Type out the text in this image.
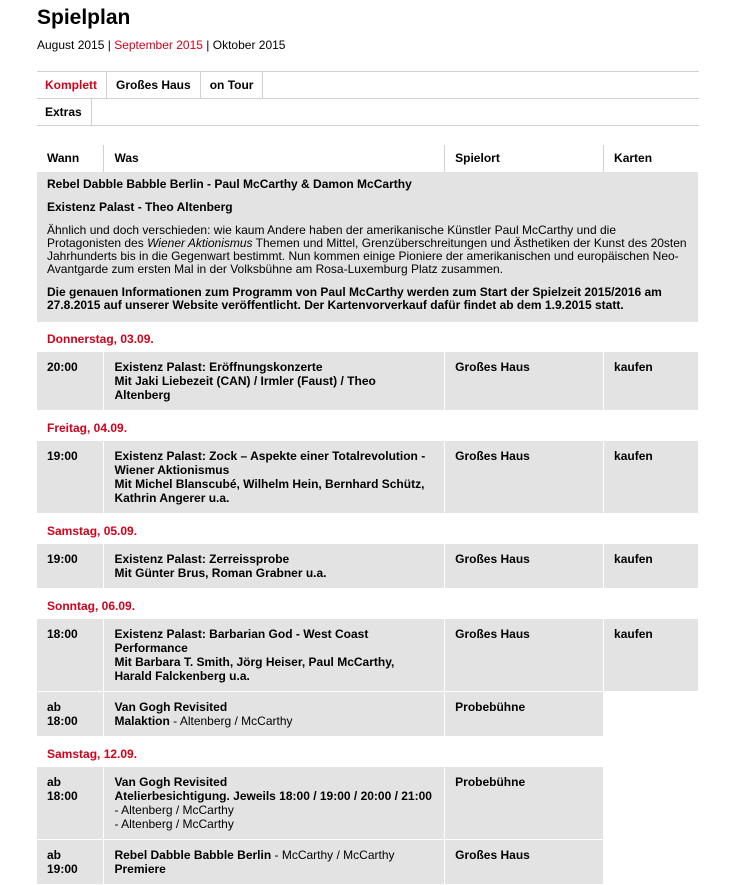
Spielplan
August 2015 | September 2015 | Oktober 2015
Komplett	Großes Haus	on Tour
Extras
Wann	Was	Spielort	Karten

Rebel Dabble Babble Berlin - Paul McCarthy & Damon McCarthy

Existenz Palast - Theo Altenberg

Ähnlich und doch verschieden: wie kaum Andere haben der amerikanische Künstler Paul McCarthy und die Protagonisten des Wiener Aktionismus Themen und Mittel, Grenzüberschreitungen und Ästhetiken der Kunst des 20sten Jahrhunderts bis in die Gegenwart bestimmt. Nun kommen einige Pioniere der amerikanischen und europäischen Neo-Avantgarde zum ersten Mal in der Volksbühne am Rosa-Luxemburg Platz zusammen.

Die genauen Informationen zum Programm von Paul McCarthy werden zum Start der Spielzeit 2015/2016 am 27.8.2015 auf unserer Website veröffentlicht. Der Kartenvorverkauf dafür findet ab dem 1.9.2015 statt.			

Donnerstag, 03.09.			
20:00	Existenz Palast: Eröffnungskonzerte
Mit Jaki Liebezeit (CAN) / Irmler (Faust) / Theo Altenberg	Großes Haus	kaufen
Freitag, 04.09.			
19:00	Existenz Palast: Zock – Aspekte einer Totalrevolution - Wiener Aktionismus
Mit Michel Blanscubé, Wilhelm Hein, Bernhard Schütz, Kathrin Angerer u.a.	Großes Haus	kaufen
Samstag, 05.09.			
19:00	Existenz Palast: Zerreissprobe
Mit Günter Brus, Roman Grabner u.a.	Großes Haus	kaufen
Sonntag, 06.09.			
18:00	Existenz Palast: Barbarian God - West Coast Performance
Mit Barbara T. Smith, Jörg Heiser, Paul McCarthy, Harald Falckenberg u.a.	Großes Haus	kaufen
ab 18:00	Van Gogh Revisited
Malaktion - Altenberg / McCarthy	Probebühne	
Samstag, 12.09.			
ab 18:00	Van Gogh Revisited
Atelierbesichtigung. Jeweils 18:00 / 19:00 / 20:00 / 21:00 - Altenberg / McCarthy
- Altenberg / McCarthy	Probebühne	
ab 19:00	Rebel Dabble Babble Berlin - McCarthy / McCarthy
Premiere	Großes Haus	
